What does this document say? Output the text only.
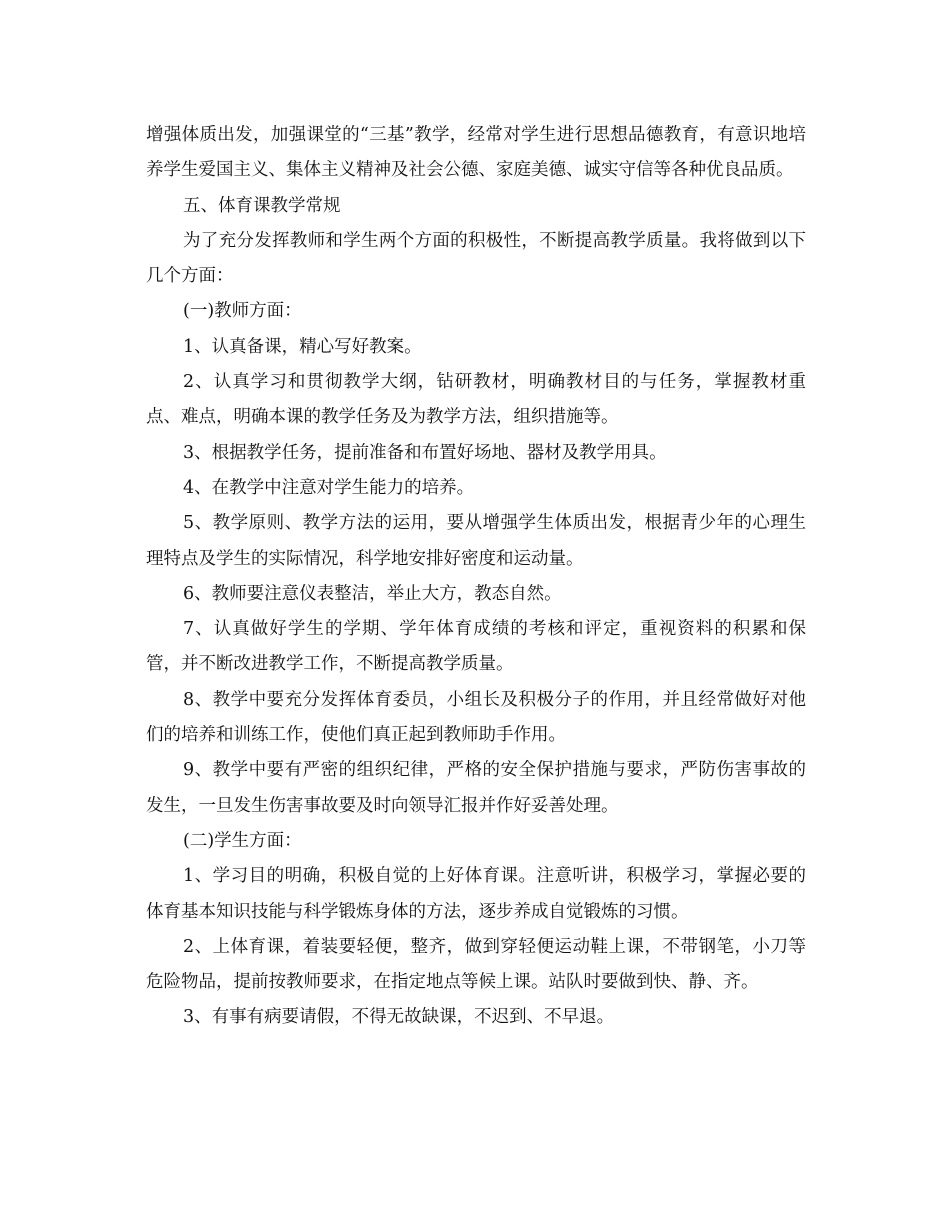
增强体质出发，加强课堂的“三基”教学，经常对学生进行思想品德教育，有意识地培养学生爱国主义、集体主义精神及社会公德、家庭美德、诚实守信等各种优良品质。

五、体育课教学常规

为了充分发挥教师和学生两个方面的积极性，不断提高教学质量。我将做到以下几个方面：

(一)教师方面：

1、认真备课，精心写好教案。

2、认真学习和贯彻教学大纲，钻研教材，明确教材目的与任务，掌握教材重点、难点，明确本课的教学任务及为教学方法，组织措施等。

3、根据教学任务，提前准备和布置好场地、器材及教学用具。

4、在教学中注意对学生能力的培养。

5、教学原则、教学方法的运用，要从增强学生体质出发，根据青少年的心理生理特点及学生的实际情况，科学地安排好密度和运动量。

6、教师要注意仪表整洁，举止大方，教态自然。

7、认真做好学生的学期、学年体育成绩的考核和评定，重视资料的积累和保管，并不断改进教学工作，不断提高教学质量。

8、教学中要充分发挥体育委员，小组长及积极分子的作用，并且经常做好对他们的培养和训练工作，使他们真正起到教师助手作用。

9、教学中要有严密的组织纪律，严格的安全保护措施与要求，严防伤害事故的发生，一旦发生伤害事故要及时向领导汇报并作好妥善处理。

(二)学生方面：

1、学习目的明确，积极自觉的上好体育课。注意听讲，积极学习，掌握必要的体育基本知识技能与科学锻炼身体的方法，逐步养成自觉锻炼的习惯。

2、上体育课，着装要轻便，整齐，做到穿轻便运动鞋上课，不带钢笔，小刀等危险物品，提前按教师要求，在指定地点等候上课。站队时要做到快、静、齐。

3、有事有病要请假，不得无故缺课，不迟到、不早退。
